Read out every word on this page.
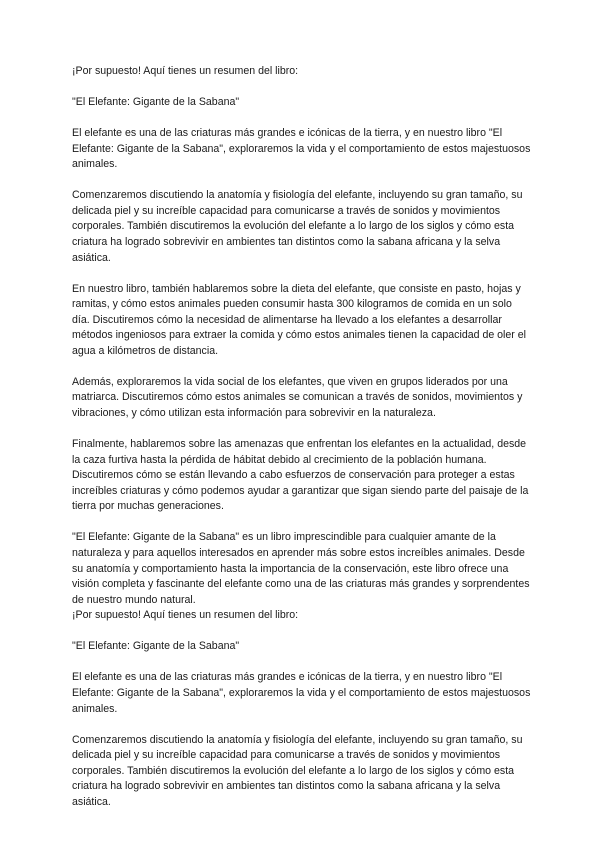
¡Por supuesto! Aquí tienes un resumen del libro:

"El Elefante: Gigante de la Sabana"

El elefante es una de las criaturas más grandes e icónicas de la tierra, y en nuestro libro "El Elefante: Gigante de la Sabana", exploraremos la vida y el comportamiento de estos majestuosos animales.

Comenzaremos discutiendo la anatomía y fisiología del elefante, incluyendo su gran tamaño, su delicada piel y su increíble capacidad para comunicarse a través de sonidos y movimientos corporales. También discutiremos la evolución del elefante a lo largo de los siglos y cómo esta criatura ha logrado sobrevivir en ambientes tan distintos como la sabana africana y la selva asiática.

En nuestro libro, también hablaremos sobre la dieta del elefante, que consiste en pasto, hojas y ramitas, y cómo estos animales pueden consumir hasta 300 kilogramos de comida en un solo día. Discutiremos cómo la necesidad de alimentarse ha llevado a los elefantes a desarrollar métodos ingeniosos para extraer la comida y cómo estos animales tienen la capacidad de oler el agua a kilómetros de distancia.

Además, exploraremos la vida social de los elefantes, que viven en grupos liderados por una matriarca. Discutiremos cómo estos animales se comunican a través de sonidos, movimientos y vibraciones, y cómo utilizan esta información para sobrevivir en la naturaleza.

Finalmente, hablaremos sobre las amenazas que enfrentan los elefantes en la actualidad, desde la caza furtiva hasta la pérdida de hábitat debido al crecimiento de la población humana. Discutiremos cómo se están llevando a cabo esfuerzos de conservación para proteger a estas increíbles criaturas y cómo podemos ayudar a garantizar que sigan siendo parte del paisaje de la tierra por muchas generaciones.

"El Elefante: Gigante de la Sabana" es un libro imprescindible para cualquier amante de la naturaleza y para aquellos interesados en aprender más sobre estos increíbles animales. Desde su anatomía y comportamiento hasta la importancia de la conservación, este libro ofrece una visión completa y fascinante del elefante como una de las criaturas más grandes y sorprendentes de nuestro mundo natural.

¡Por supuesto! Aquí tienes un resumen del libro:

"El Elefante: Gigante de la Sabana"

El elefante es una de las criaturas más grandes e icónicas de la tierra, y en nuestro libro "El Elefante: Gigante de la Sabana", exploraremos la vida y el comportamiento de estos majestuosos animales.

Comenzaremos discutiendo la anatomía y fisiología del elefante, incluyendo su gran tamaño, su delicada piel y su increíble capacidad para comunicarse a través de sonidos y movimientos corporales. También discutiremos la evolución del elefante a lo largo de los siglos y cómo esta criatura ha logrado sobrevivir en ambientes tan distintos como la sabana africana y la selva asiática.
